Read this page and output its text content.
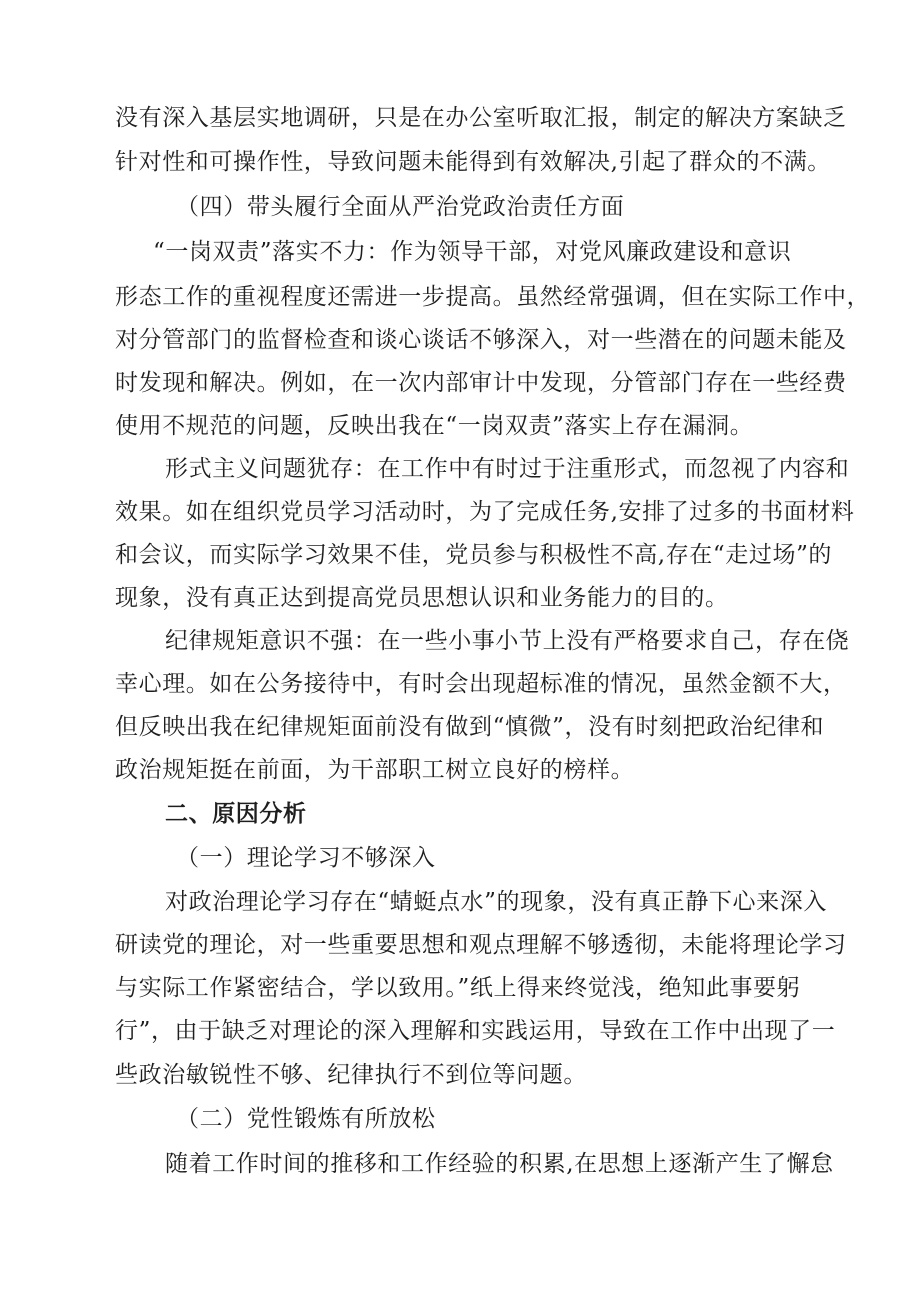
没有深入基层实地调研，只是在办公室听取汇报，制定的解决方案缺乏
针对性和可操作性，导致问题未能得到有效解决,引起了群众的不满。
（四）带头履行全面从严治党政治责任方面
“一岗双责”落实不力：作为领导干部，对党风廉政建设和意识
形态工作的重视程度还需进一步提高。虽然经常强调，但在实际工作中，
对分管部门的监督检查和谈心谈话不够深入，对一些潜在的问题未能及
时发现和解决。例如，在一次内部审计中发现，分管部门存在一些经费
使用不规范的问题，反映出我在“一岗双责”落实上存在漏洞。
形式主义问题犹存：在工作中有时过于注重形式，而忽视了内容和
效果。如在组织党员学习活动时，为了完成任务,安排了过多的书面材料
和会议，而实际学习效果不佳，党员参与积极性不高,存在“走过场”的
现象，没有真正达到提高党员思想认识和业务能力的目的。
纪律规矩意识不强：在一些小事小节上没有严格要求自己，存在侥
幸心理。如在公务接待中，有时会出现超标准的情况，虽然金额不大，
但反映出我在纪律规矩面前没有做到“慎微”，没有时刻把政治纪律和
政治规矩挺在前面，为干部职工树立良好的榜样。
二、原因分析
（一）理论学习不够深入
对政治理论学习存在“蜻蜓点水”的现象，没有真正静下心来深入
研读党的理论，对一些重要思想和观点理解不够透彻，未能将理论学习
与实际工作紧密结合，学以致用。”纸上得来终觉浅，绝知此事要躬
行”，由于缺乏对理论的深入理解和实践运用，导致在工作中出现了一
些政治敏锐性不够、纪律执行不到位等问题。
（二）党性锻炼有所放松
随着工作时间的推移和工作经验的积累,在思想上逐渐产生了懈怠
